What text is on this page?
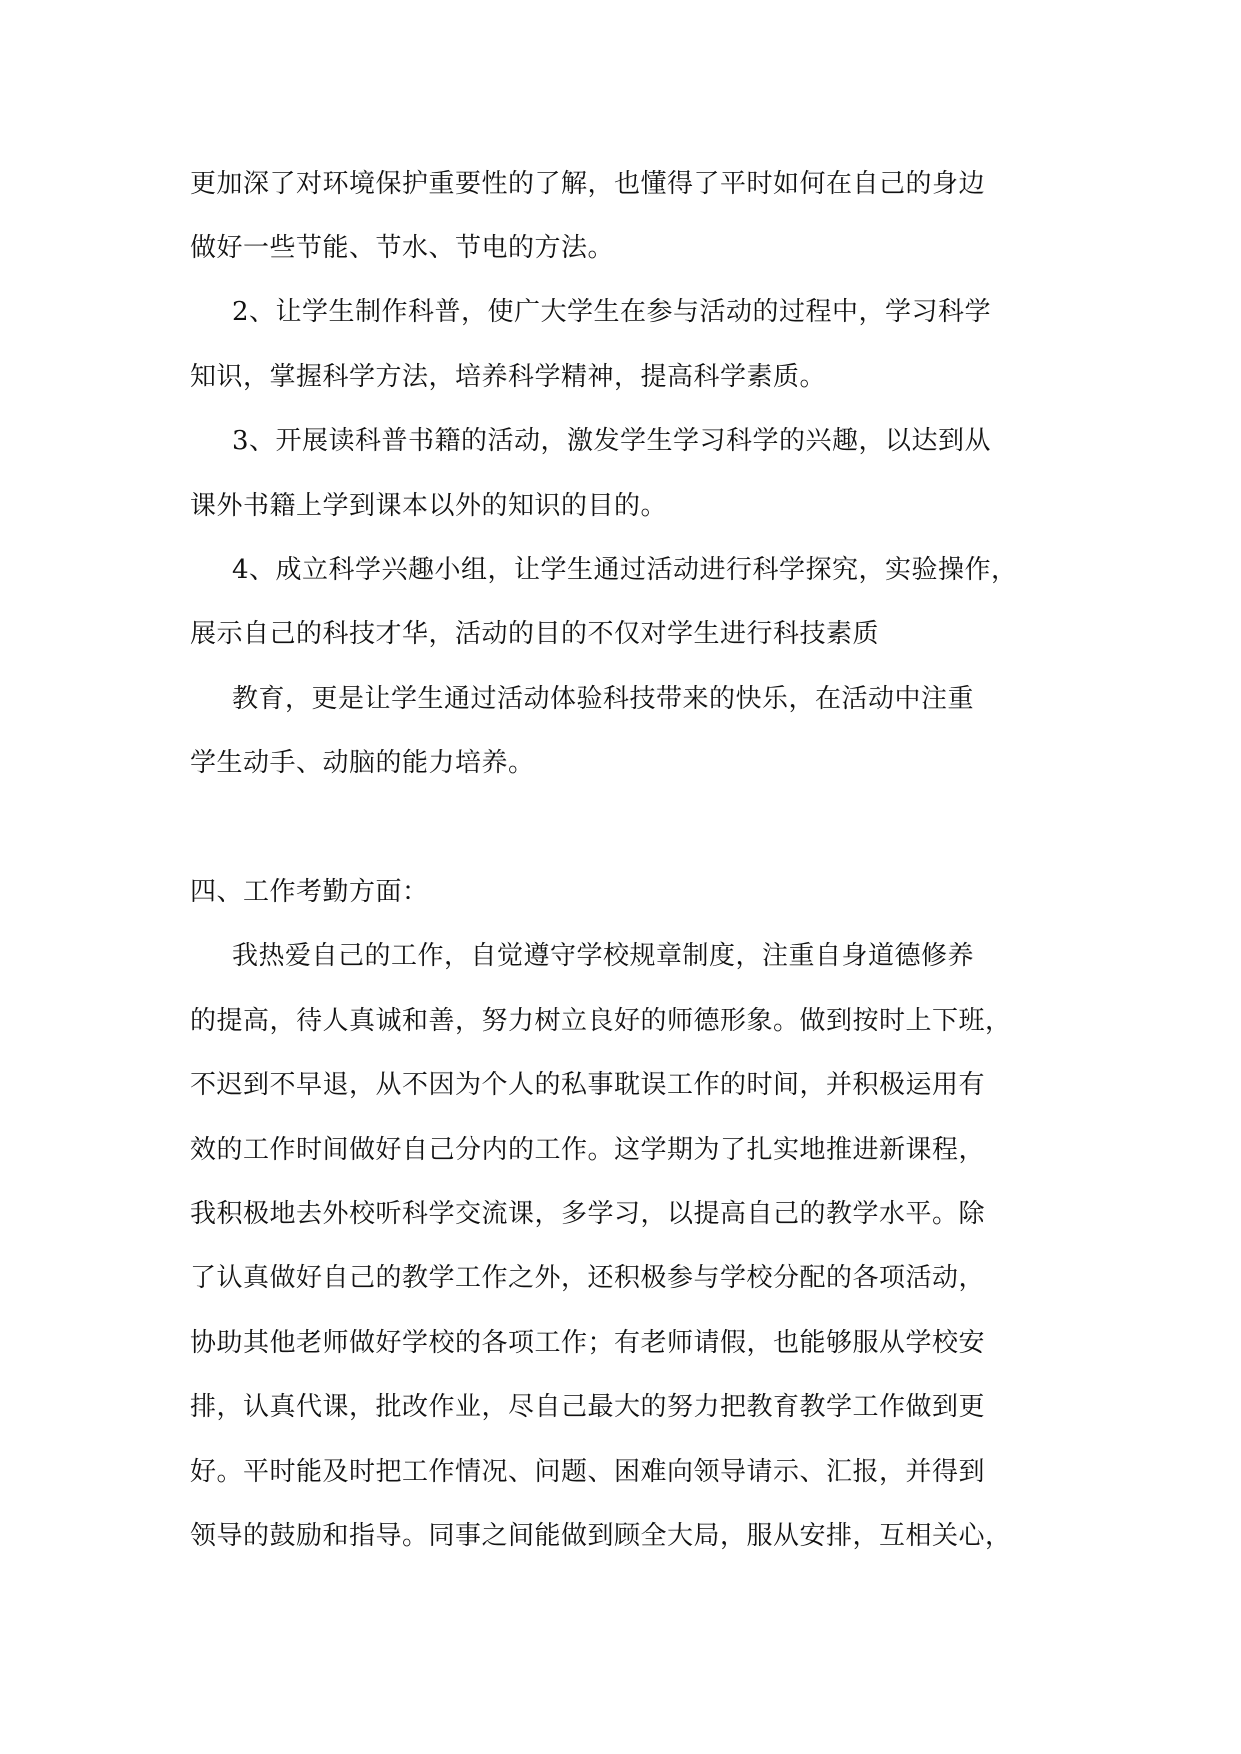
更加深了对环境保护重要性的了解，也懂得了平时如何在自己的身边
做好一些节能、节水、节电的方法。
2、让学生制作科普，使广大学生在参与活动的过程中，学习科学
知识，掌握科学方法，培养科学精神，提高科学素质。
3、开展读科普书籍的活动，激发学生学习科学的兴趣，以达到从
课外书籍上学到课本以外的知识的目的。
4、成立科学兴趣小组，让学生通过活动进行科学探究，实验操作，
展示自己的科技才华，活动的目的不仅对学生进行科技素质
教育，更是让学生通过活动体验科技带来的快乐，在活动中注重
学生动手、动脑的能力培养。
四、工作考勤方面：
我热爱自己的工作，自觉遵守学校规章制度，注重自身道德修养
的提高，待人真诚和善，努力树立良好的师德形象。做到按时上下班，
不迟到不早退，从不因为个人的私事耽误工作的时间，并积极运用有
效的工作时间做好自己分内的工作。这学期为了扎实地推进新课程，
我积极地去外校听科学交流课，多学习，以提高自己的教学水平。除
了认真做好自己的教学工作之外，还积极参与学校分配的各项活动，
协助其他老师做好学校的各项工作；有老师请假，也能够服从学校安
排，认真代课，批改作业，尽自己最大的努力把教育教学工作做到更
好。平时能及时把工作情况、问题、困难向领导请示、汇报，并得到
领导的鼓励和指导。同事之间能做到顾全大局，服从安排，互相关心，
